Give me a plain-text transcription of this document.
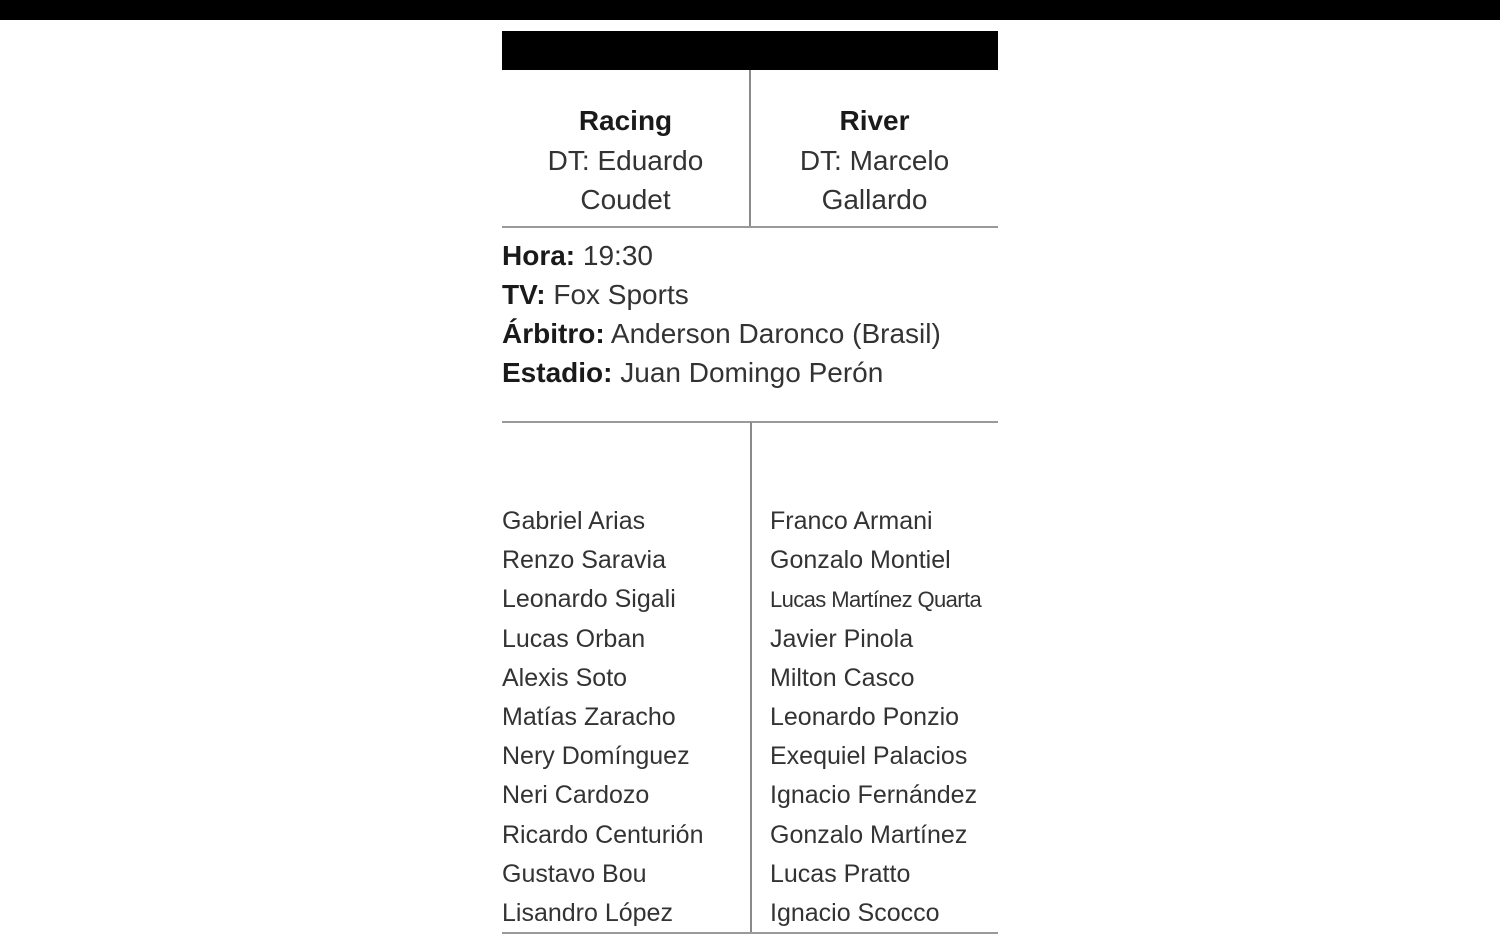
Racing
DT: Eduardo
Coudet
River
DT: Marcelo
Gallardo
Hora: 19:30
TV: Fox Sports
Árbitro: Anderson Daronco (Brasil)
Estadio: Juan Domingo Perón
Gabriel Arias
Renzo Saravia
Leonardo Sigali
Lucas Orban
Alexis Soto
Matías Zaracho
Nery Domínguez
Neri Cardozo
Ricardo Centurión
Gustavo Bou
Lisandro López
Franco Armani
Gonzalo Montiel
Lucas Martínez Quarta
Javier Pinola
Milton Casco
Leonardo Ponzio
Exequiel Palacios
Ignacio Fernández
Gonzalo Martínez
Lucas Pratto
Ignacio Scocco
